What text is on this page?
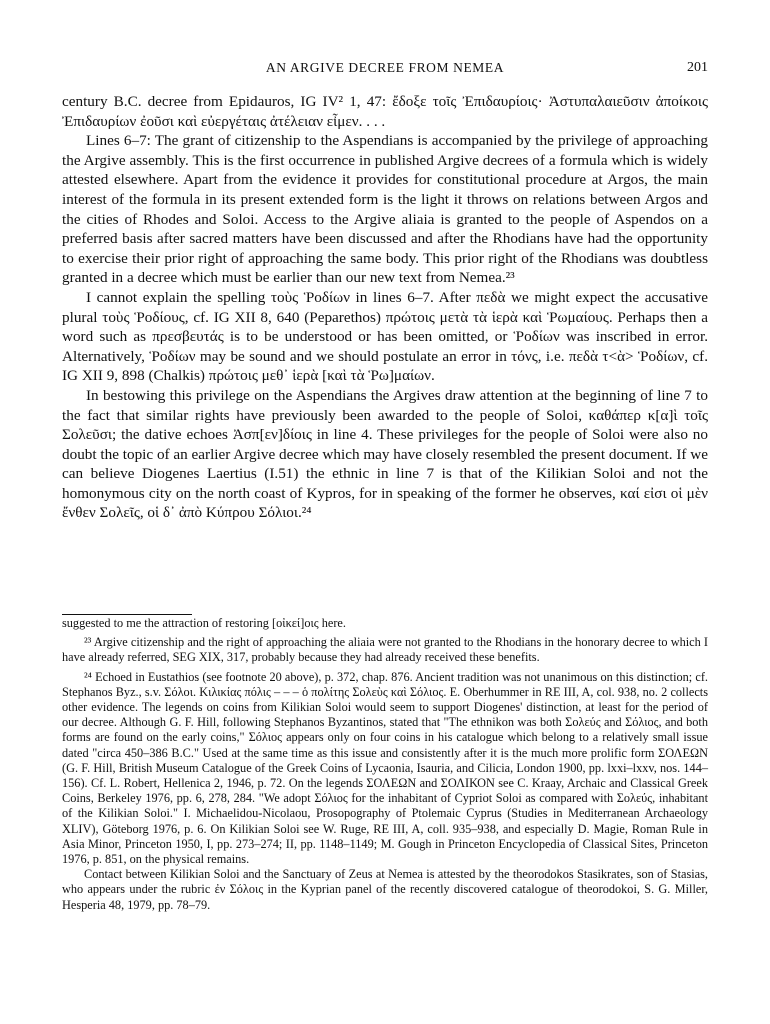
AN ARGIVE DECREE FROM NEMEA	201

century B.C. decree from Epidauros, IG IV² 1, 47: ἔδοξε τοῖς Ἐπιδαυρίοις· Ἀστυπαλαιεῦσιν ἀποίκοις Ἐπιδαυρίων ἐοῦσι καὶ εὐεργέταις ἀτέλειαν εἶμεν. . . .

Lines 6–7: The grant of citizenship to the Aspendians is accompanied by the privilege of approaching the Argive assembly. This is the first occurrence in published Argive decrees of a formula which is widely attested elsewhere. Apart from the evidence it provides for constitutional procedure at Argos, the main interest of the formula in its present extended form is the light it throws on relations between Argos and the cities of Rhodes and Soloi. Access to the Argive aliaia is granted to the people of Aspendos on a preferred basis after sacred matters have been discussed and after the Rhodians have had the opportunity to exercise their prior right of approaching the same body. This prior right of the Rhodians was doubtless granted in a decree which must be earlier than our new text from Nemea.²³

I cannot explain the spelling τοὺς Ῥοδίων in lines 6–7. After πεδὰ we might expect the accusative plural τοὺς Ῥοδίους, cf. IG XII 8, 640 (Peparethos) πρώτοις μετὰ τὰ ἱερὰ καὶ Ῥωμαίους. Perhaps then a word such as πρεσβευτάς is to be understood or has been omitted, or Ῥοδίων was inscribed in error. Alternatively, Ῥοδίων may be sound and we should postulate an error in τόνς, i.e. πεδὰ τ<ὰ> Ῥοδίων, cf. IG XII 9, 898 (Chalkis) πρώτοις μεθ᾽ ἱερὰ [καὶ τὰ Ῥω]μαίων.

In bestowing this privilege on the Aspendians the Argives draw attention at the beginning of line 7 to the fact that similar rights have previously been awarded to the people of Soloi, καθάπερ κ[α]ὶ τοῖς Σολεῦσι; the dative echoes Ἀσπ[εν]δίοις in line 4. These privileges for the people of Soloi were also no doubt the topic of an earlier Argive decree which may have closely resembled the present document. If we can believe Diogenes Laertius (I.51) the ethnic in line 7 is that of the Kilikian Soloi and not the homonymous city on the north coast of Kypros, for in speaking of the former he observes, καί εἰσι οἱ μὲν ἔνθεν Σολεῖς, οἱ δ᾽ ἀπὸ Κύπρου Σόλιοι.²⁴

suggested to me the attraction of restoring [οἰκεί]οις here.

²³ Argive citizenship and the right of approaching the aliaia were not granted to the Rhodians in the honorary decree to which I have already referred, SEG XIX, 317, probably because they had already received these benefits.

²⁴ Echoed in Eustathios (see footnote 20 above), p. 372, chap. 876. Ancient tradition was not unanimous on this distinction; cf. Stephanos Byz., s.v. Σόλοι. Κιλικίας πόλις – – – ὁ πολίτης Σολεὺς καὶ Σόλιος. E. Oberhummer in RE III, A, col. 938, no. 2 collects other evidence. The legends on coins from Kilikian Soloi would seem to support Diogenes' distinction, at least for the period of our decree. Although G. F. Hill, following Stephanos Byzantinos, stated that "The ethnikon was both Σολεύς and Σόλιος, and both forms are found on the early coins," Σόλιος appears only on four coins in his catalogue which belong to a relatively small issue dated "circa 450–386 B.C." Used at the same time as this issue and consistently after it is the much more prolific form ΣΟΛΕΩΝ (G. F. Hill, British Museum Catalogue of the Greek Coins of Lycaonia, Isauria, and Cilicia, London 1900, pp. lxxi–lxxv, nos. 144–156). Cf. L. Robert, Hellenica 2, 1946, p. 72. On the legends ΣΟΛΕΩΝ and ΣΟΛΙΚΟΝ see C. Kraay, Archaic and Classical Greek Coins, Berkeley 1976, pp. 6, 278, 284. "We adopt Σόλιος for the inhabitant of Cypriot Soloi as compared with Σολεύς, inhabitant of the Kilikian Soloi." I. Michaelidou-Nicolaou, Prosopography of Ptolemaic Cyprus (Studies in Mediterranean Archaeology XLIV), Göteborg 1976, p. 6. On Kilikian Soloi see W. Ruge, RE III, A, coll. 935–938, and especially D. Magie, Roman Rule in Asia Minor, Princeton 1950, I, pp. 273–274; II, pp. 1148–1149; M. Gough in Princeton Encyclopedia of Classical Sites, Princeton 1976, p. 851, on the physical remains.

Contact between Kilikian Soloi and the Sanctuary of Zeus at Nemea is attested by the theorodokos Stasikrates, son of Stasias, who appears under the rubric ἐν Σόλοις in the Kyprian panel of the recently discovered catalogue of theorodokoi, S. G. Miller, Hesperia 48, 1979, pp. 78–79.
